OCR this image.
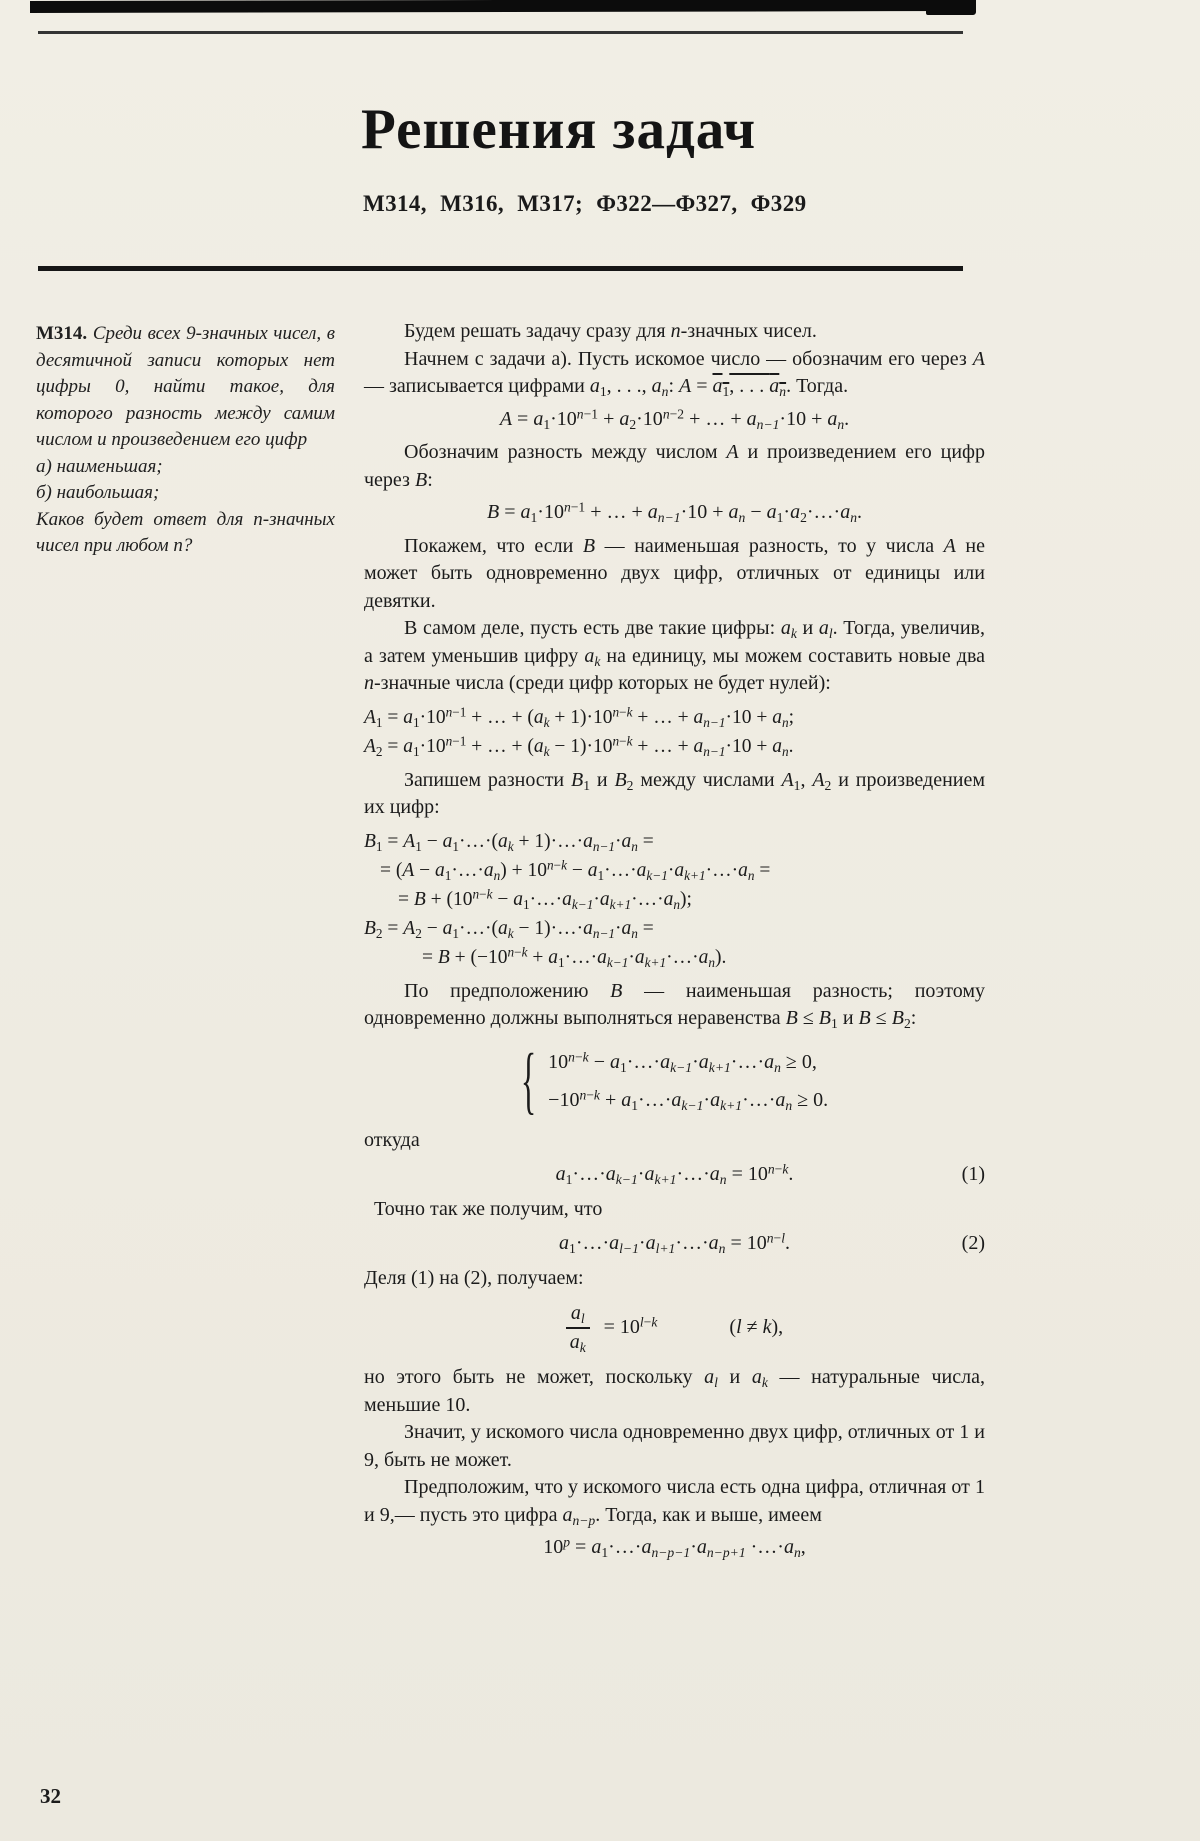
Решения задач
М314, М316, М317; Ф322—Ф327, Ф329

М314. Среди всех 9-значных чисел, в десятичной записи которых нет цифры 0, найти такое, для которого разность между самим числом и произведением его цифр

а) наименьшая;

б) наибольшая;

Каков будет ответ для n-значных чисел при любом n?

Будем решать задачу сразу для n-значных чисел.

Начнем с задачи а). Пусть искомое число — обозначим его через A — записывается цифрами $a_1$, . . ., $a_n$: $A = a_1$, . . . $a_n$. Тогда.

$A = a_1\cdot 10^{n-1} + a_2\cdot 10^{n-2}$ + … + $a_{n-1}\cdot 10 + a_n$.

Обозначим разность между числом A и произведением его цифр через B:

$B = a_1\cdot 10^{n-1}$ + … + $a_{n-1}\cdot 10 + a_n$ − $a_1\cdot a_2\cdot\dots\cdot a_n$.

Покажем, что если B — наименьшая разность, то у числа A не может быть одновременно двух цифр, отличных от единицы или девятки.

В самом деле, пусть есть две такие цифры: $a_k$ и $a_l$. Тогда, увеличив, а затем уменьшив цифру $a_k$ на единицу, мы можем составить новые два n-значные числа (среди цифр которых не будет нулей):

$A_1 = a_1\cdot 10^{n-1}$ + … + $(a_k + 1)\cdot 10^{n-k}$ + … + $a_{n-1}\cdot 10 + a_n$;
$A_2 = a_1\cdot 10^{n-1}$ + … + $(a_k - 1)\cdot 10^{n-k}$ + … + $a_{n-1}\cdot 10 + a_n$.

Запишем разности $B_1$ и $B_2$ между числами $A_1$, $A_2$ и произведением их цифр:

$B_1 = A_1$ − $a_1\cdot\dots\cdot(a_k$ + $1)\cdot\dots\cdot a_{n-1}\cdot a_n$ =
= $(A - a_1\cdot\dots\cdot a_n) + 10^{n-k}$ − $a_1\cdot\dots\cdot a_{k-1}\cdot a_{k+1}\cdot\dots\cdot a_n$ =
= $B + (10^{n-k}$ − $a_1\cdot\dots\cdot a_{k-1}\cdot a_{k+1}\cdot\dots\cdot a_n$);
$B_2 = A_2$ − $a_1\cdot\dots\cdot(a_k$ − $1)\cdot\dots\cdot a_{n-1}\cdot a_n$ =
= $B + (-10^{n-k}$ + $a_1\cdot\dots\cdot a_{k-1}\cdot a_{k+1}\cdot\dots\cdot a_n$).

По предположению B — наименьшая разность; поэтому одновременно должны выполняться неравенства $B \le B_1$ и $B \le B_2$:

{ $10^{n-k}$ − $a_1\cdot\dots\cdot a_{k-1}\cdot a_{k+1}\cdot\dots\cdot a_n \ge 0$,
$-10^{n-k}$ + $a_1\cdot\dots\cdot a_{k-1}\cdot a_{k+1}\cdot\dots\cdot a_n \ge 0$.

откуда

$a_1\cdot\dots\cdot a_{k-1}\cdot a_{k+1}\cdot\dots\cdot a_n = 10^{n-k}$.	(1)

Точно так же получим, что

$a_1\cdot\dots\cdot a_{l-1}\cdot a_{l+1}\cdot\dots\cdot a_n = 10^{n-l}$.	(2)

Деля (1) на (2), получаем:

$\frac{a_l}{a_k} = 10^{l-k}$	(l ≠ k),

но этого быть не может, поскольку $a_l$ и $a_k$ — натуральные числа, меньшие 10.

Значит, у искомого числа одновременно двух цифр, отличных от 1 и 9, быть не может.

Предположим, что у искомого числа есть одна цифра, отличная от 1 и 9,— пусть это цифра $a_{n-p}$. Тогда, как и выше, имеем

$10^p$ = $a_1\cdot\dots\cdot a_{n-p-1}\cdot a_{n-p+1}$ $\cdot\dots\cdot a_n$,
32
